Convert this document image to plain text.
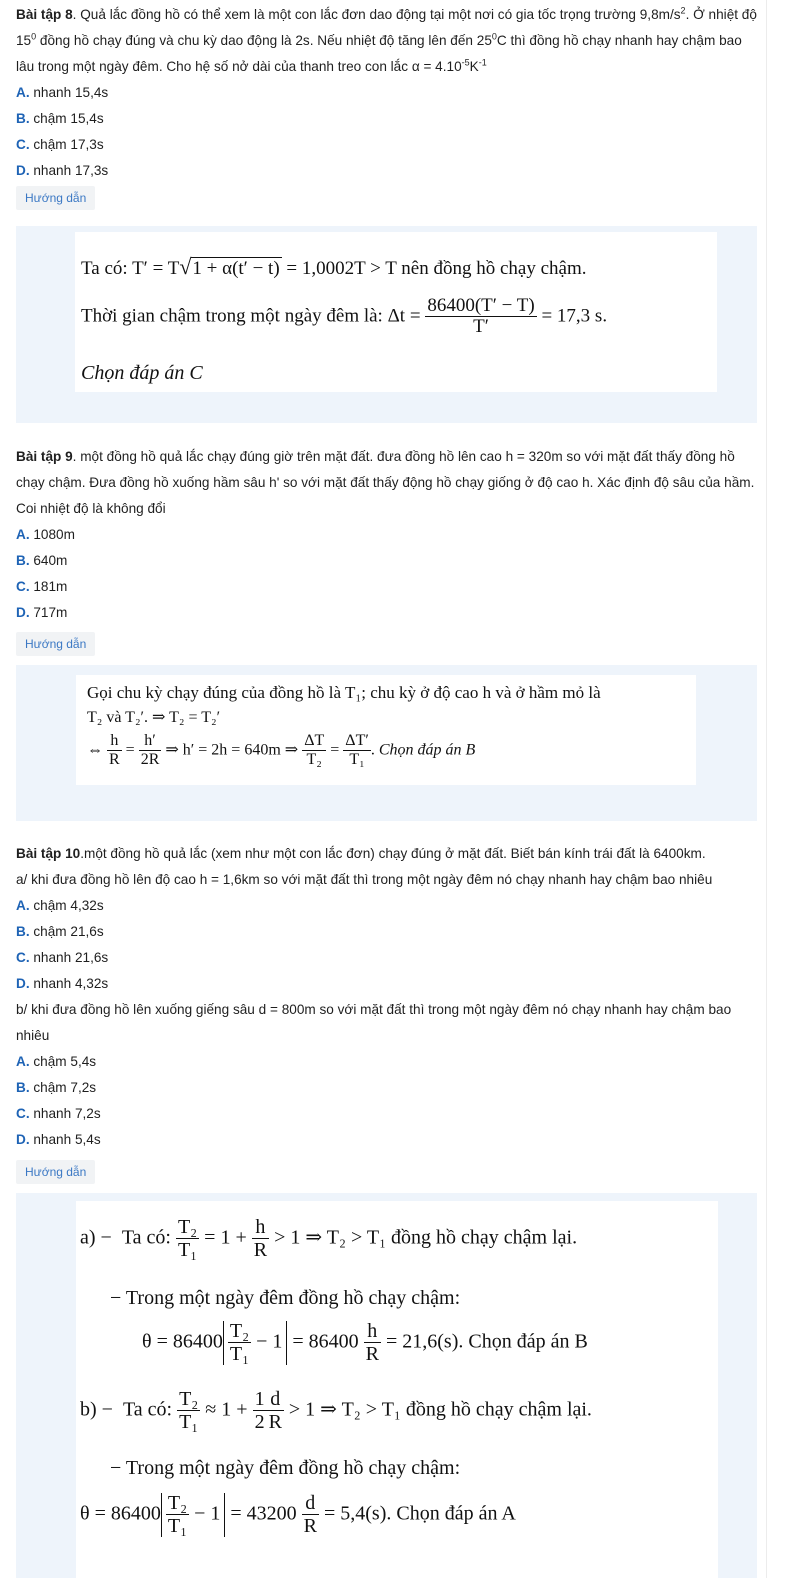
Bài tập 8. Quả lắc đồng hồ có thể xem là một con lắc đơn dao động tại một nơi có gia tốc trọng trường $9,8m/s^2$. Ở nhiệt độ $15^0$ đồng hồ chạy đúng và chu kỳ dao động là 2s. Nếu nhiệt độ tăng lên đến $25^0C$ thì đồng hồ chạy nhanh hay chậm bao lâu trong một ngày đêm. Cho hệ số nở dài của thanh treo con lắc $\alpha = 4.10^{-5}K^{-1}$

A. nhanh 15,4s
B. chậm 15,4s
C. chậm 17,3s
D. nhanh 17,3s
Hướng dẫn
Ta có: T′ = T√1 + α(t′ − t) = 1,0002T > T nên đồng hồ chạy chậm.
Thời gian chậm trong một ngày đêm là: $\Delta t = \frac{86400(T' - T)}{T'} = 17,3$ s.
Chọn đáp án C

Bài tập 9. một đồng hồ quả lắc chạy đúng giờ trên mặt đất. đưa đồng hồ lên cao h = 320m so với mặt đất thấy đồng hồ chạy chậm. Đưa đồng hồ xuống hầm sâu h' so với mặt đất thấy động hồ chạy giống ở độ cao h. Xác định độ sâu của hầm. Coi nhiệt độ là không đổi

A. 1080m
B. 640m
C. 181m
D. 717m
Hướng dẫn
Gọi chu kỳ chạy đúng của đồng hồ là T₁; chu kỳ ở độ cao h và ở hầm mỏ là
T₂ và T₂′. ⇒ T₂ = T₂′
⇔ $\frac{h}{R} = \frac{h'}{2R}$ ⇒ h′ = 2h = 640m ⇒ $\frac{\Delta T}{\text{T₂}} = \frac{\Delta T'}{\text{T₁}}$ . Chọn đáp án B

Bài tập 10.một đồng hồ quả lắc (xem như một con lắc đơn) chạy đúng ở mặt đất. Biết bán kính trái đất là 6400km.

a/ khi đưa đồng hồ lên độ cao h = 1,6km so với mặt đất thì trong một ngày đêm nó chạy nhanh hay chậm bao nhiêu

A. chậm 4,32s
B. chậm 21,6s
C. nhanh 21,6s
D. nhanh 4,32s

b/ khi đưa đồng hồ lên xuống giếng sâu d = 800m so với mặt đất thì trong một ngày đêm nó chạy nhanh hay chậm bao nhiêu

A. chậm 5,4s
B. chậm 7,2s
C. nhanh 7,2s
D. nhanh 5,4s
Hướng dẫn
a) − Ta có: $\frac{\text{T₂}}{\text{T₁}} = 1 + \frac{h}{R} > 1$ ⇒ T₂ > T₁ đồng hồ chạy chậm lại.
− Trong một ngày đêm đồng hồ chạy chậm:
$\theta = 86400 \frac{\text{T₂}}{\text{T₁}} - 1 = 86400 \frac{h}{R} = 21,6(s)$. Chọn đáp án B
b) − Ta có: $\frac{\text{T₂}}{\text{T₁}} \approx 1 + \frac{1}{2} \frac{d}{R} > 1$ ⇒ T₂ > T₁ đồng hồ chạy chậm lại.
− Trong một ngày đêm đồng hồ chạy chậm:
$\theta = 86400 \frac{\text{T₂}}{\text{T₁}} - 1 = 43200 \frac{d}{R} = 5,4(s)$. Chọn đáp án A
